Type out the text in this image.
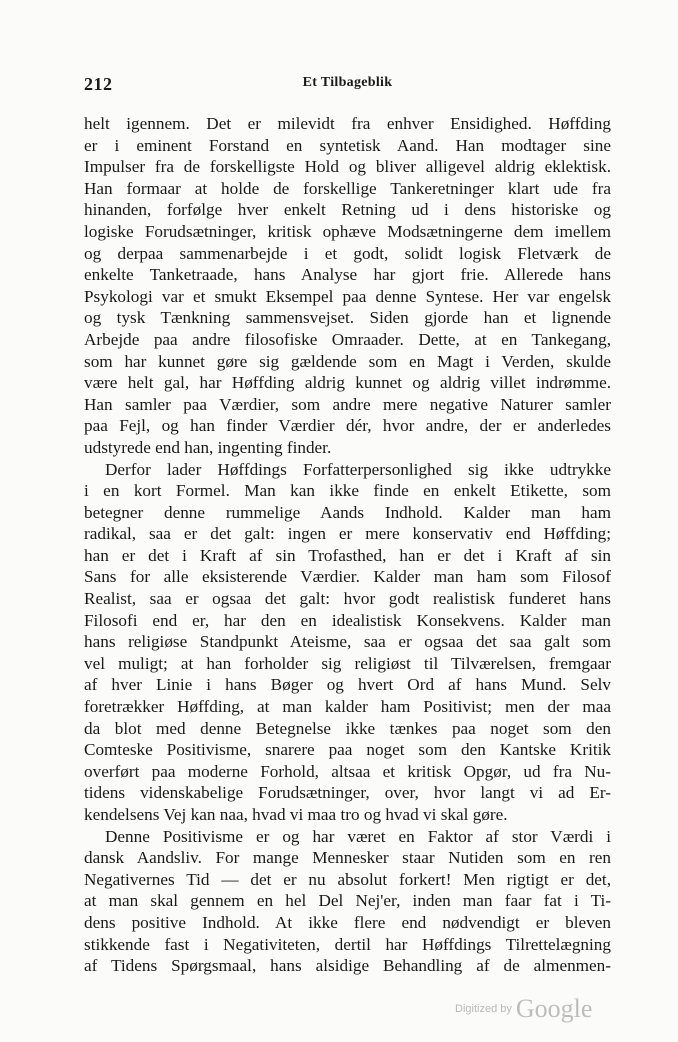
212	Et Tilbageblik
helt igennem. Det er milevidt fra enhver Ensidighed. Høffding
er i eminent Forstand en syntetisk Aand. Han modtager sine
Impulser fra de forskelligste Hold og bliver alligevel aldrig eklektisk.
Han formaar at holde de forskellige Tankeretninger klart ude fra
hinanden, forfølge hver enkelt Retning ud i dens historiske og
logiske Forudsætninger, kritisk ophæve Modsætningerne dem imellem
og derpaa sammenarbejde i et godt, solidt logisk Fletværk de
enkelte Tanketraade, hans Analyse har gjort frie. Allerede hans
Psykologi var et smukt Eksempel paa denne Syntese. Her var engelsk
og tysk Tænkning sammensvejset. Siden gjorde han et lignende
Arbejde paa andre filosofiske Omraader. Dette, at en Tankegang,
som har kunnet gøre sig gældende som en Magt i Verden, skulde
være helt gal, har Høffding aldrig kunnet og aldrig villet indrømme.
Han samler paa Værdier, som andre mere negative Naturer samler
paa Fejl, og han finder Værdier dér, hvor andre, der er anderledes
udstyrede end han, ingenting finder.
Derfor lader Høffdings Forfatterpersonlighed sig ikke udtrykke
i en kort Formel. Man kan ikke finde en enkelt Etikette, som
betegner denne rummelige Aands Indhold. Kalder man ham
radikal, saa er det galt: ingen er mere konservativ end Høffding;
han er det i Kraft af sin Trofasthed, han er det i Kraft af sin
Sans for alle eksisterende Værdier. Kalder man ham som Filosof
Realist, saa er ogsaa det galt: hvor godt realistisk funderet hans
Filosofi end er, har den en idealistisk Konsekvens. Kalder man
hans religiøse Standpunkt Ateisme, saa er ogsaa det saa galt som
vel muligt; at han forholder sig religiøst til Tilværelsen, fremgaar
af hver Linie i hans Bøger og hvert Ord af hans Mund. Selv
foretrækker Høffding, at man kalder ham Positivist; men der maa
da blot med denne Betegnelse ikke tænkes paa noget som den
Comteske Positivisme, snarere paa noget som den Kantske Kritik
overført paa moderne Forhold, altsaa et kritisk Opgør, ud fra Nu-
tidens videnskabelige Forudsætninger, over, hvor langt vi ad Er-
kendelsens Vej kan naa, hvad vi maa tro og hvad vi skal gøre.
Denne Positivisme er og har været en Faktor af stor Værdi i
dansk Aandsliv. For mange Mennesker staar Nutiden som en ren
Negativernes Tid — det er nu absolut forkert! Men rigtigt er det,
at man skal gennem en hel Del Nej'er, inden man faar fat i Ti-
dens positive Indhold. At ikke flere end nødvendigt er bleven
stikkende fast i Negativiteten, dertil har Høffdings Tilrettelægning
af Tidens Spørgsmaal, hans alsidige Behandling af de almenmen-
Digitized by Google
